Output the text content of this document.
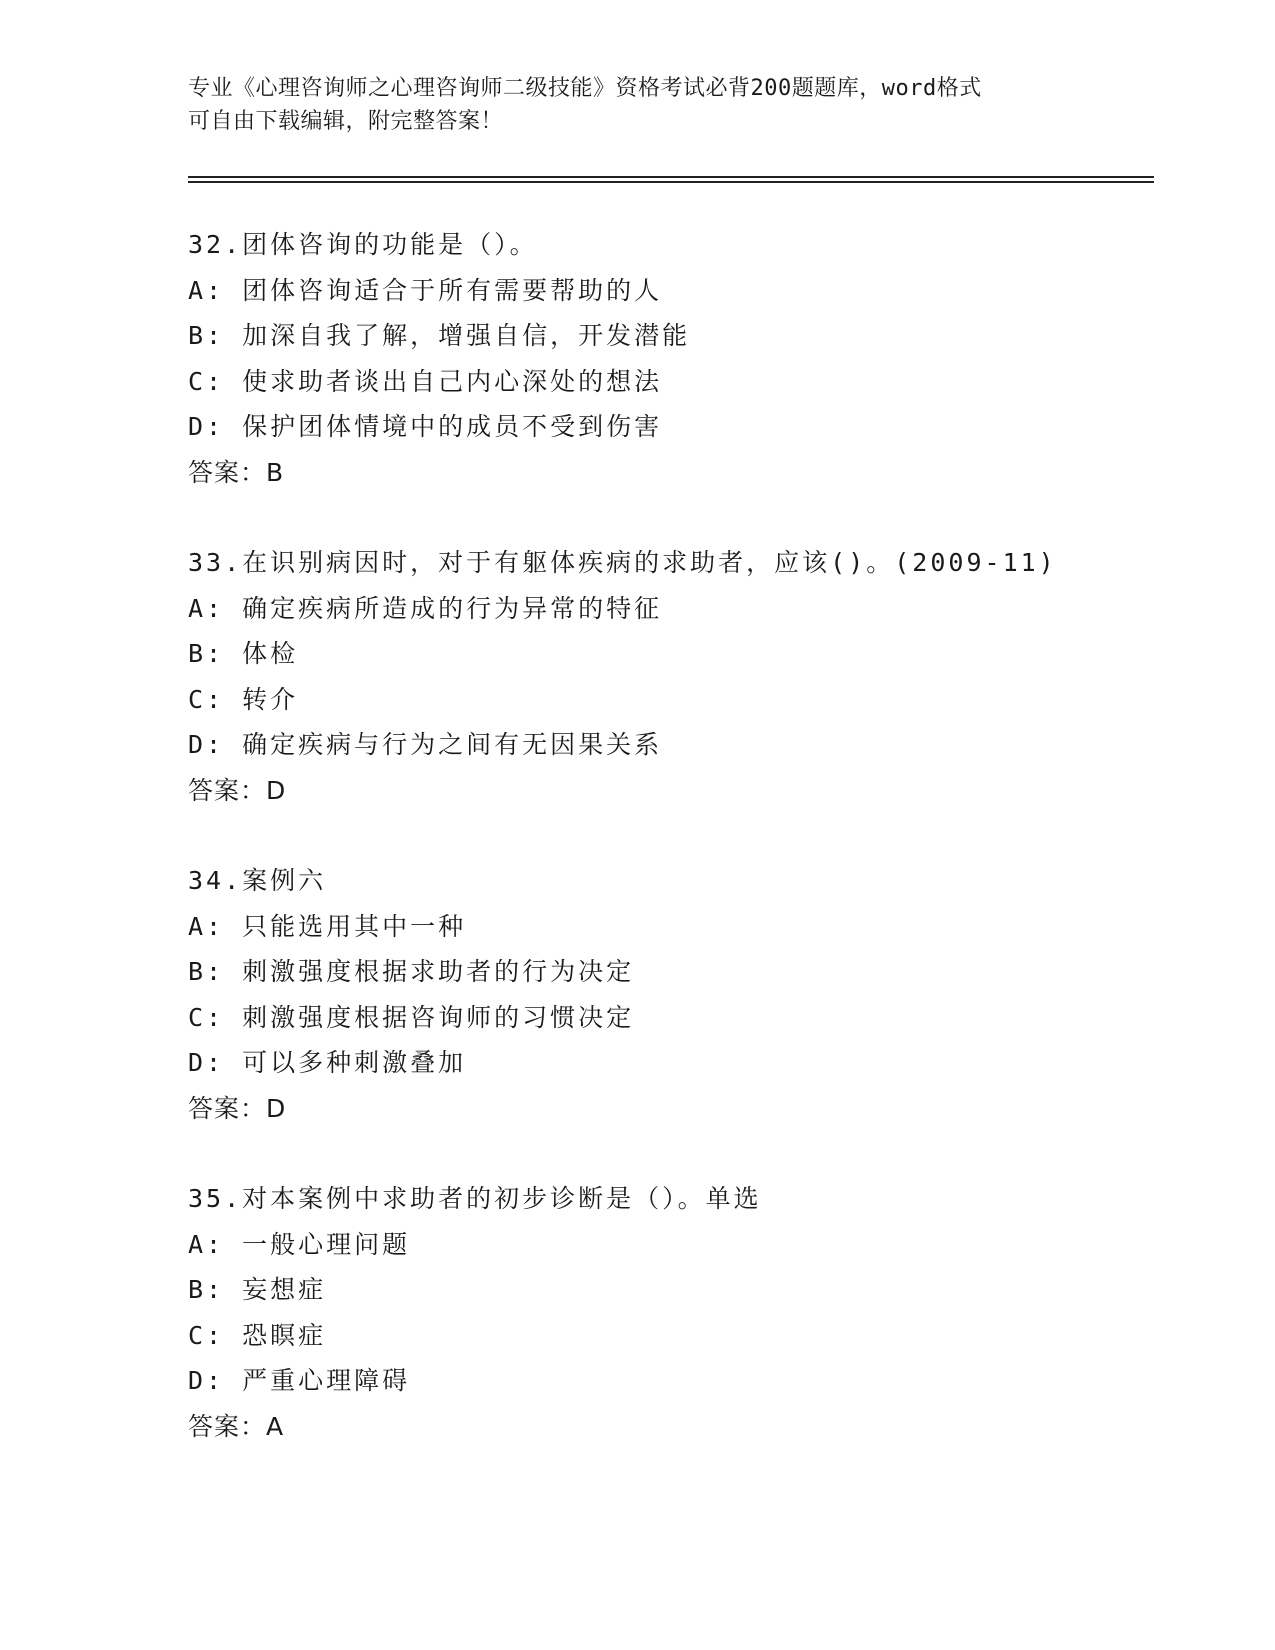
专业《心理咨询师之心理咨询师二级技能》资格考试必背200题题库，word格式
可自由下载编辑，附完整答案！
32.团体咨询的功能是（）。
A: 团体咨询适合于所有需要帮助的人
B: 加深自我了解，增强自信，开发潜能
C: 使求助者谈出自己内心深处的想法
D: 保护团体情境中的成员不受到伤害
答案：B
33.在识别病因时，对于有躯体疾病的求助者，应该()。(2009-11)
A: 确定疾病所造成的行为异常的特征
B: 体检
C: 转介
D: 确定疾病与行为之间有无因果关系
答案：D
34.案例六
A: 只能选用其中一种
B: 刺激强度根据求助者的行为决定
C: 刺激强度根据咨询师的习惯决定
D: 可以多种刺激叠加
答案：D
35.对本案例中求助者的初步诊断是（）。单选
A: 一般心理问题
B: 妄想症
C: 恐瞑症
D: 严重心理障碍
答案：A
